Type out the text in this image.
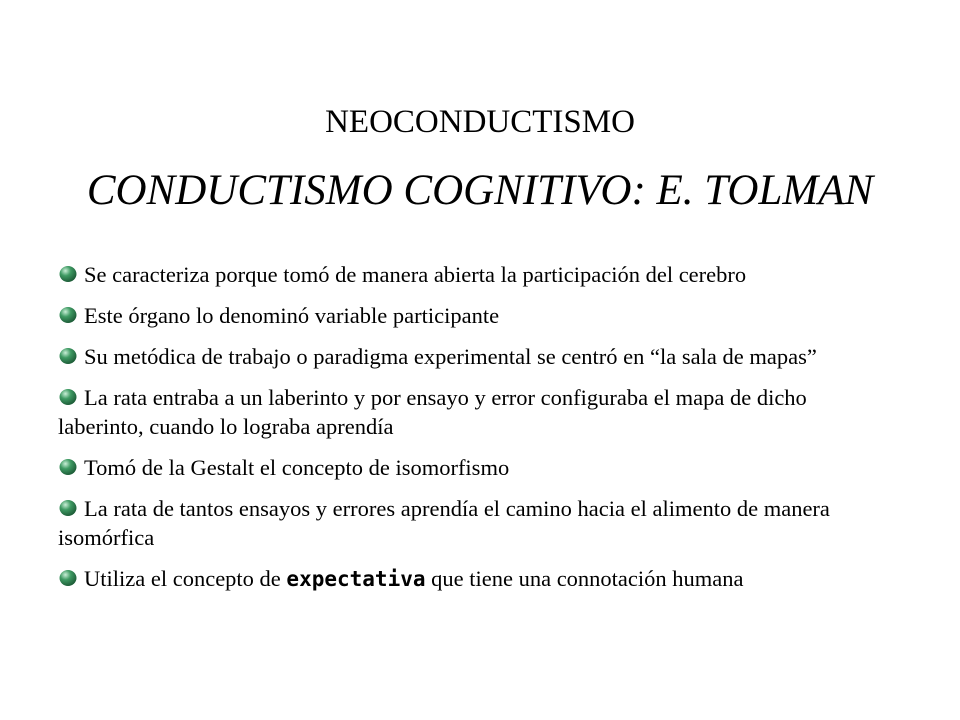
NEOCONDUCTISMO
CONDUCTISMO COGNITIVO: E. TOLMAN
Se caracteriza porque tomó de manera abierta la participación del cerebro
Este órgano lo denominó variable participante
Su metódica de trabajo o paradigma experimental se centró en “la sala de mapas”
La rata entraba a un laberinto y por ensayo y error configuraba el mapa de dicho laberinto, cuando lo lograba aprendía
Tomó de la Gestalt el concepto de isomorfismo
La rata de tantos ensayos y errores aprendía el camino hacia el alimento de manera isomórfica
Utiliza el concepto de expectativa que tiene una connotación humana
